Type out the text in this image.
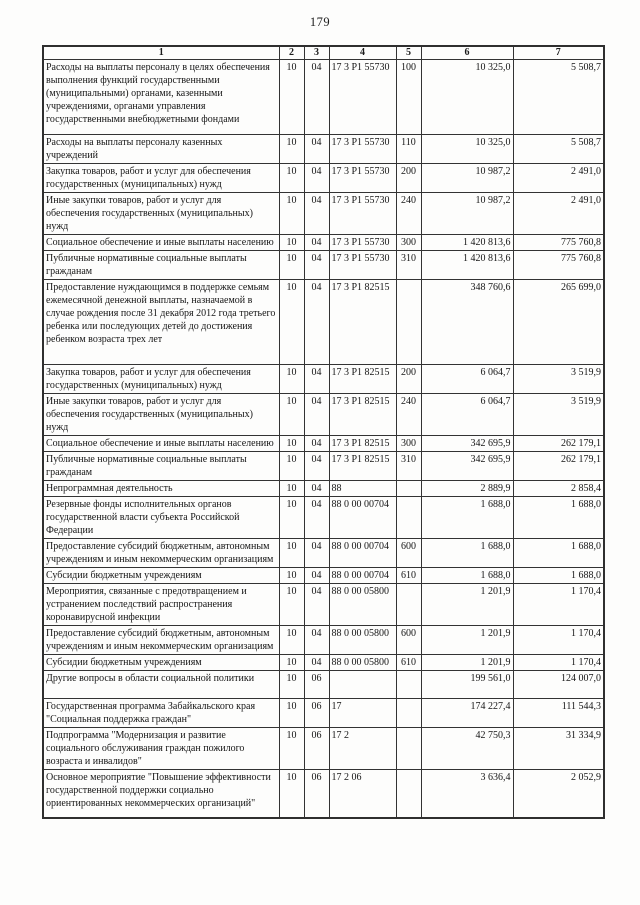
179
1	2	3	4	5	6	7
Расходы на выплаты персоналу в целях обеспечения выполнения функций государственными (муниципальными) органами, казенными учреждениями, органами управления государственными внебюджетными фондами	10	04	17 3 P1 55730	100	10 325,0	5 508,7
Расходы на выплаты персоналу казенных учреждений	10	04	17 3 P1 55730	110	10 325,0	5 508,7
Закупка товаров, работ и услуг для обеспечения государственных (муниципальных) нужд	10	04	17 3 P1 55730	200	10 987,2	2 491,0
Иные закупки товаров, работ и услуг для обеспечения государственных (муниципальных) нужд	10	04	17 3 P1 55730	240	10 987,2	2 491,0
Социальное обеспечение и иные выплаты населению	10	04	17 3 P1 55730	300	1 420 813,6	775 760,8
Публичные нормативные социальные выплаты гражданам	10	04	17 3 P1 55730	310	1 420 813,6	775 760,8
Предоставление нуждающимся в поддержке семьям ежемесячной денежной выплаты, назначаемой в случае рождения после 31 декабря 2012 года третьего ребенка или последующих детей до достижения ребенком возраста трех лет	10	04	17 3 P1 82515		348 760,6	265 699,0
Закупка товаров, работ и услуг для обеспечения государственных (муниципальных) нужд	10	04	17 3 P1 82515	200	6 064,7	3 519,9
Иные закупки товаров, работ и услуг для обеспечения государственных (муниципальных) нужд	10	04	17 3 P1 82515	240	6 064,7	3 519,9
Социальное обеспечение и иные выплаты населению	10	04	17 3 P1 82515	300	342 695,9	262 179,1
Публичные нормативные социальные выплаты гражданам	10	04	17 3 P1 82515	310	342 695,9	262 179,1
Непрограммная деятельность	10	04	88		2 889,9	2 858,4
Резервные фонды исполнительных органов государственной власти субъекта Российской Федерации	10	04	88 0 00 00704		1 688,0	1 688,0
Предоставление субсидий бюджетным, автономным учреждениям и иным некоммерческим организациям	10	04	88 0 00 00704	600	1 688,0	1 688,0
Субсидии бюджетным учреждениям	10	04	88 0 00 00704	610	1 688,0	1 688,0
Мероприятия, связанные с предотвращением и устранением последствий распространения коронавирусной инфекции	10	04	88 0 00 05800		1 201,9	1 170,4
Предоставление субсидий бюджетным, автономным учреждениям и иным некоммерческим организациям	10	04	88 0 00 05800	600	1 201,9	1 170,4
Субсидии бюджетным учреждениям	10	04	88 0 00 05800	610	1 201,9	1 170,4
Другие вопросы в области социальной политики	10	06			199 561,0	124 007,0
Государственная программа Забайкальского края "Социальная поддержка граждан"	10	06	17		174 227,4	111 544,3
Подпрограмма "Модернизация и развитие социального обслуживания граждан пожилого возраста и инвалидов"	10	06	17 2		42 750,3	31 334,9
Основное мероприятие "Повышение эффективности государственной поддержки социально ориентированных некоммерческих организаций"	10	06	17 2 06		3 636,4	2 052,9
